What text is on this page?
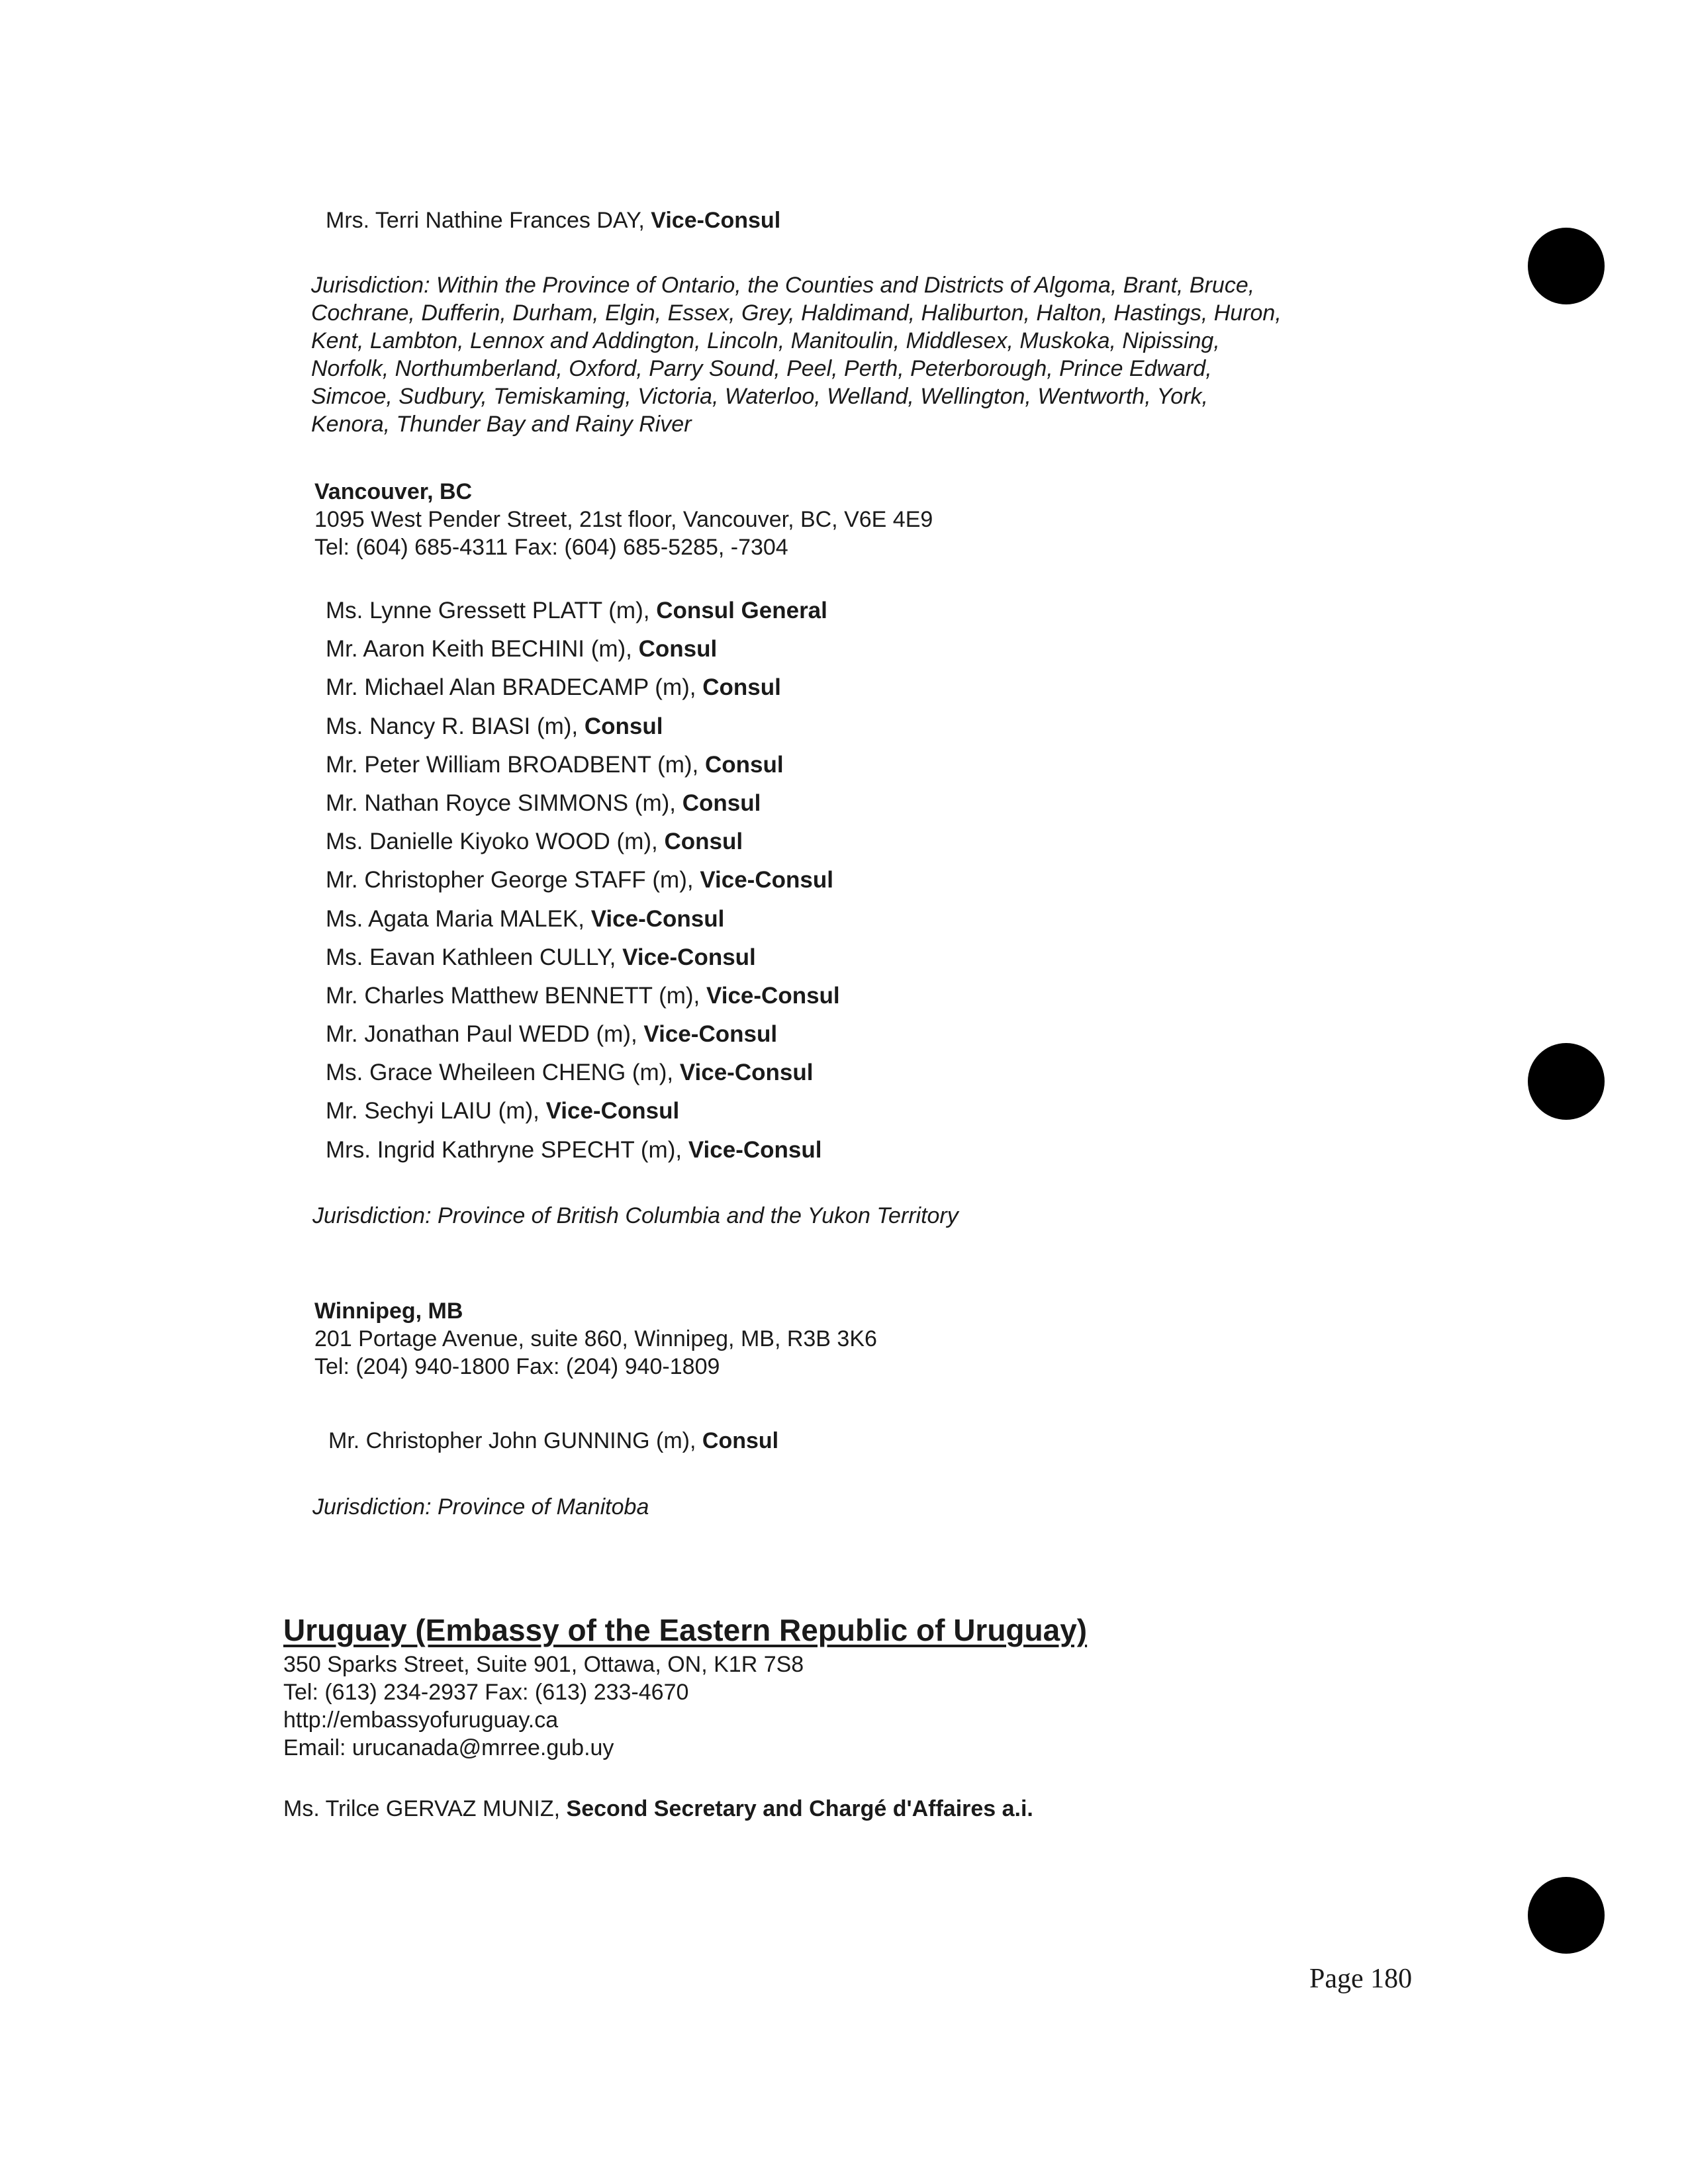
Mrs. Terri Nathine Frances DAY, Vice-Consul
Jurisdiction: Within the Province of Ontario, the Counties and Districts of Algoma, Brant, Bruce,
Cochrane, Dufferin, Durham, Elgin, Essex, Grey, Haldimand, Haliburton, Halton, Hastings, Huron,
Kent, Lambton, Lennox and Addington, Lincoln, Manitoulin, Middlesex, Muskoka, Nipissing,
Norfolk, Northumberland, Oxford, Parry Sound, Peel, Perth, Peterborough, Prince Edward,
Simcoe, Sudbury, Temiskaming, Victoria, Waterloo, Welland, Wellington, Wentworth, York,
Kenora, Thunder Bay and Rainy River
Vancouver, BC
1095 West Pender Street, 21st floor, Vancouver, BC, V6E 4E9
Tel: (604) 685-4311 Fax: (604) 685-5285, -7304
Ms. Lynne Gressett PLATT (m), Consul General
Mr. Aaron Keith BECHINI (m), Consul
Mr. Michael Alan BRADECAMP (m), Consul
Ms. Nancy R. BIASI (m), Consul
Mr. Peter William BROADBENT (m), Consul
Mr. Nathan Royce SIMMONS (m), Consul
Ms. Danielle Kiyoko WOOD (m), Consul
Mr. Christopher George STAFF (m), Vice-Consul
Ms. Agata Maria MALEK, Vice-Consul
Ms. Eavan Kathleen CULLY, Vice-Consul
Mr. Charles Matthew BENNETT (m), Vice-Consul
Mr. Jonathan Paul WEDD (m), Vice-Consul
Ms. Grace Wheileen CHENG (m), Vice-Consul
Mr. Sechyi LAIU (m), Vice-Consul
Mrs. Ingrid Kathryne SPECHT (m), Vice-Consul
Jurisdiction: Province of British Columbia and the Yukon Territory
Winnipeg, MB
201 Portage Avenue, suite 860, Winnipeg, MB, R3B 3K6
Tel: (204) 940-1800 Fax: (204) 940-1809
Mr. Christopher John GUNNING (m), Consul
Jurisdiction: Province of Manitoba
Uruguay (Embassy of the Eastern Republic of Uruguay)
350 Sparks Street, Suite 901, Ottawa, ON, K1R 7S8
Tel: (613) 234-2937 Fax: (613) 233-4670
http://embassyofuruguay.ca
Email: urucanada@mrree.gub.uy
Ms. Trilce GERVAZ MUNIZ, Second Secretary and Chargé d'Affaires a.i.
Page 180
